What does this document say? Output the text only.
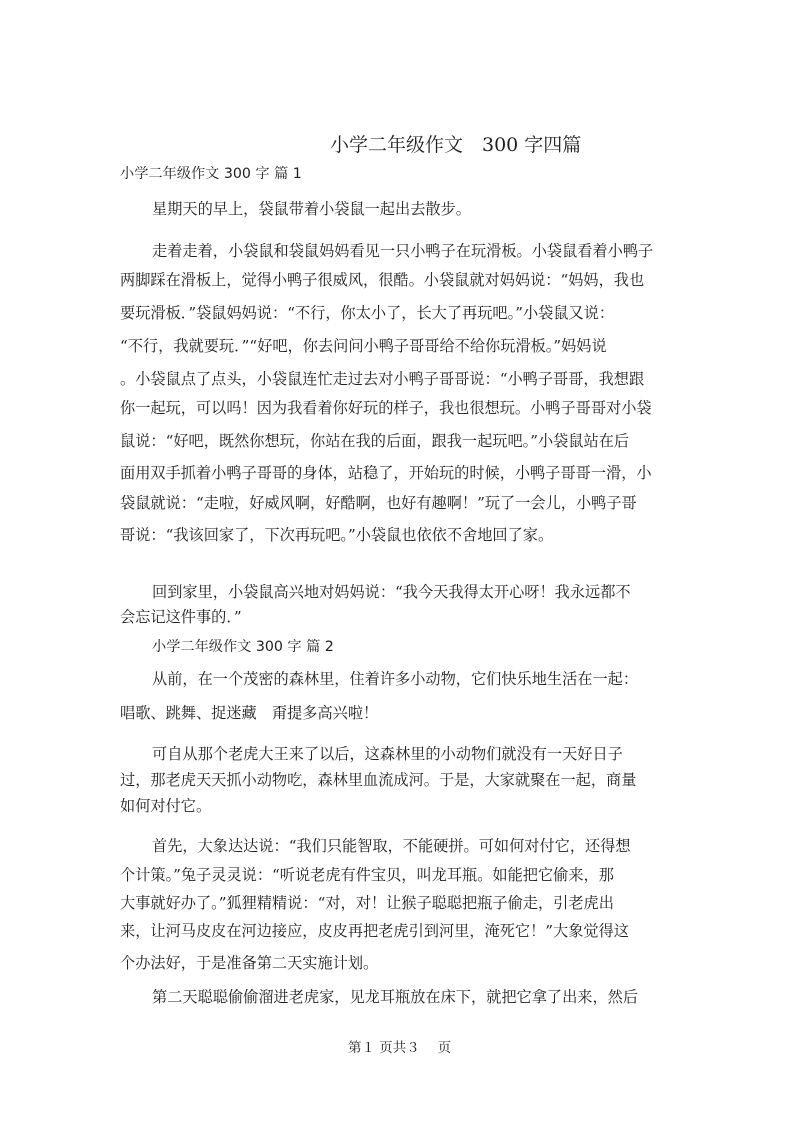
小学二年级作文　300 字四篇
小学二年级作文 300 字 篇 1
星期天的早上，袋鼠带着小袋鼠一起出去散步。
走着走着，小袋鼠和袋鼠妈妈看见一只小鸭子在玩滑板。小袋鼠看着小鸭子
两脚踩在滑板上，觉得小鸭子很威风，很酷。小袋鼠就对妈妈说：“妈妈，我也
要玩滑板．”袋鼠妈妈说：“不行，你太小了，长大了再玩吧。”小袋鼠又说：
“不行，我就要玩．”“好吧，你去问问小鸭子哥哥给不给你玩滑板。”妈妈说
。小袋鼠点了点头，小袋鼠连忙走过去对小鸭子哥哥说：“小鸭子哥哥，我想跟
你一起玩，可以吗！因为我看着你好玩的样子，我也很想玩。小鸭子哥哥对小袋
鼠说：“好吧，既然你想玩，你站在我的后面，跟我一起玩吧。”小袋鼠站在后
面用双手抓着小鸭子哥哥的身体，站稳了，开始玩的时候，小鸭子哥哥一滑，小
袋鼠就说：“走啦，好威风啊，好酷啊，也好有趣啊！”玩了一会儿，小鸭子哥
哥说：“我该回家了，下次再玩吧。”小袋鼠也依依不舍地回了家。
回到家里，小袋鼠高兴地对妈妈说：“我今天我得太开心呀！我永远都不
会忘记这件事的．”
小学二年级作文 300 字 篇 2
从前，在一个茂密的森林里，住着许多小动物，它们快乐地生活在一起：
唱歌、跳舞、捉迷藏　甭提多高兴啦！
可自从那个老虎大王来了以后，这森林里的小动物们就没有一天好日子
过，那老虎天天抓小动物吃，森林里血流成河。于是，大家就聚在一起，商量
如何对付它。
首先，大象达达说：“我们只能智取，不能硬拼。可如何对付它，还得想
个计策。”兔子灵灵说：“听说老虎有件宝贝，叫龙耳瓶。如能把它偷来，那
大事就好办了。”狐狸精精说：“对，对！让猴子聪聪把瓶子偷走，引老虎出
来，让河马皮皮在河边接应，皮皮再把老虎引到河里，淹死它！”大象觉得这
个办法好，于是准备第二天实施计划。
第二天聪聪偷偷溜进老虎家，见龙耳瓶放在床下，就把它拿了出来，然后
第１ 页共３　 页
